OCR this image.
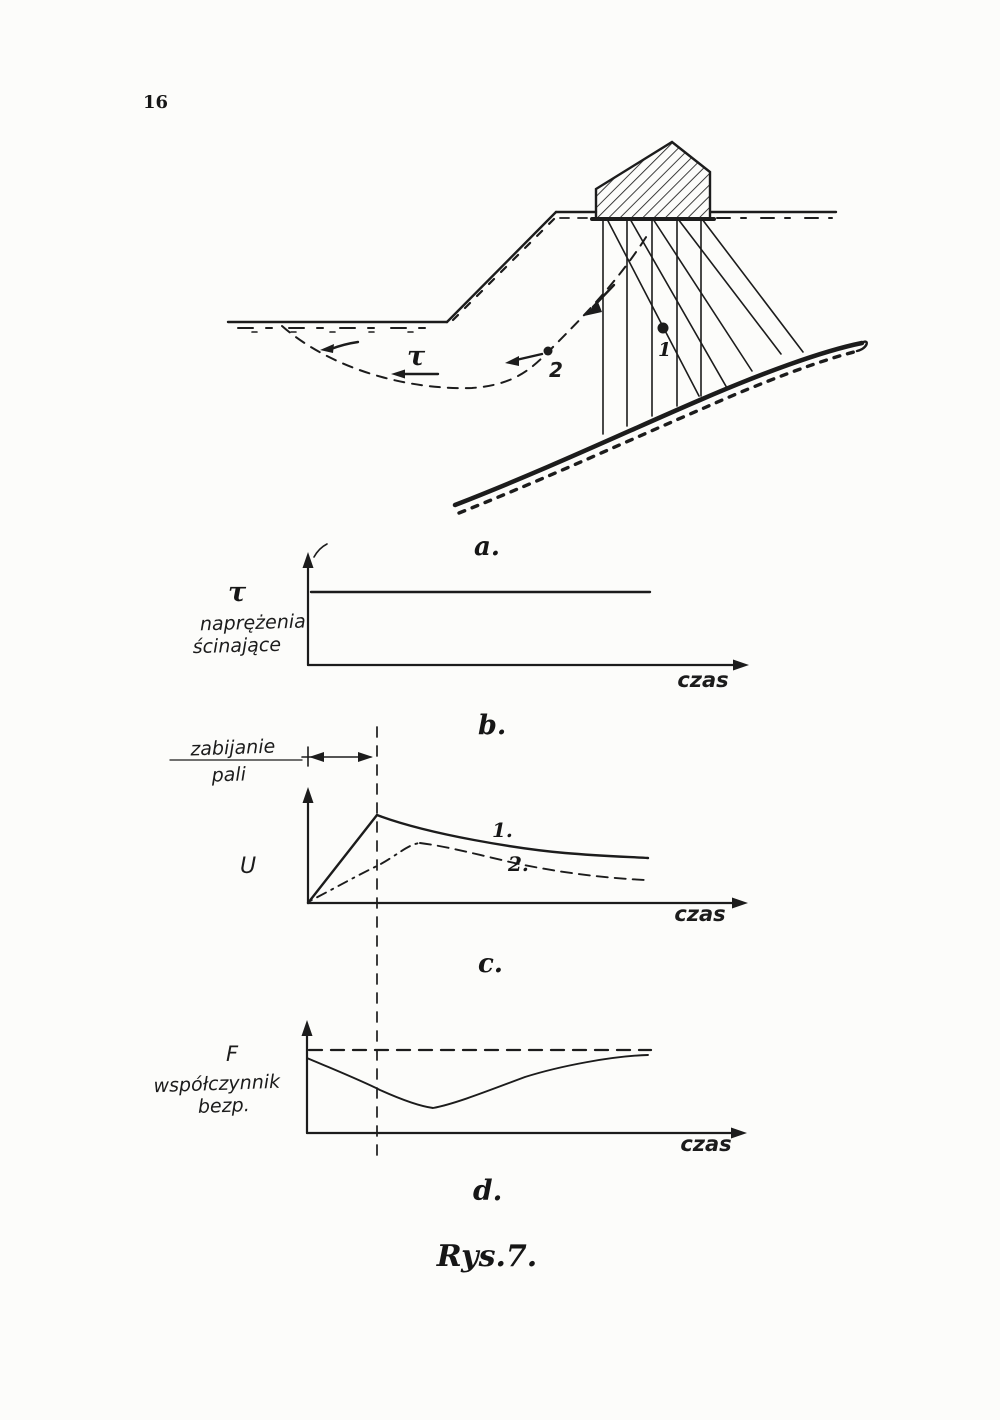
16
1
2
τ
a.
τ
naprężenia
ścinające
czas
b.
zabijanie
pali
1.
2.
U
czas
c.
F
współczynnik
bezp.
czas
d.
Rys.7.
